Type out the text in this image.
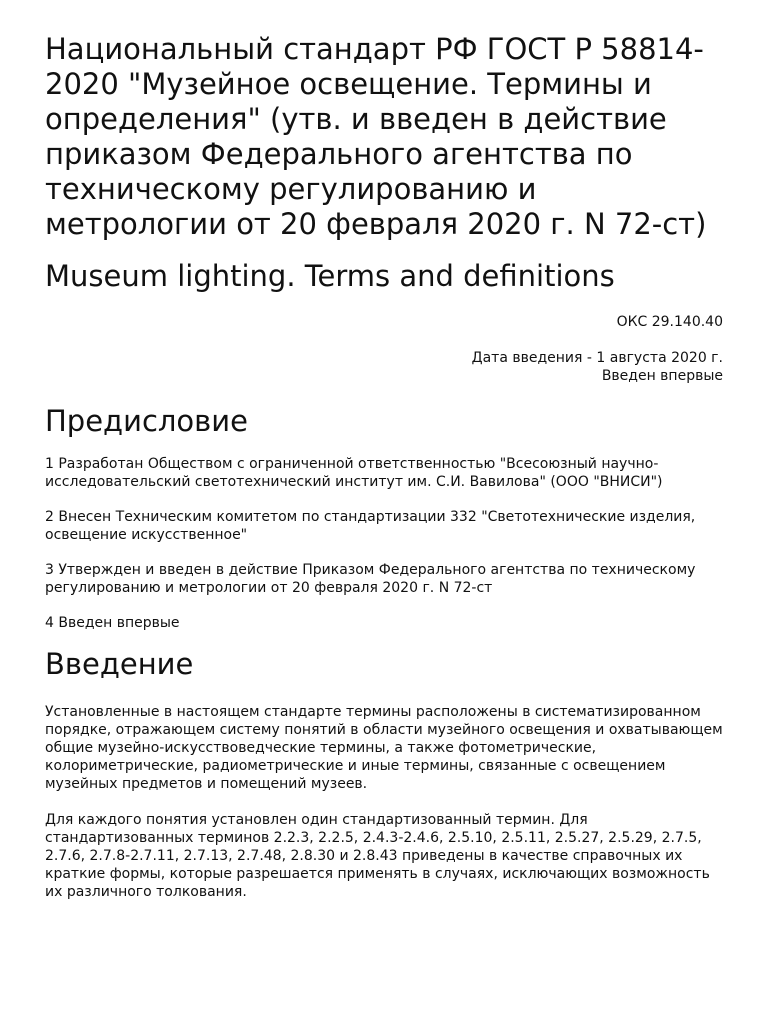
Национальный стандарт РФ ГОСТ Р 58814-2020 "Музейное освещение. Термины и определения" (утв. и введен в действие приказом Федерального агентства по техническому регулированию и метрологии от 20 февраля 2020 г. N 72-ст)
Museum lighting. Terms and definitions
ОКС 29.140.40
Дата введения - 1 августа 2020 г.
Введен впервые
Предисловие

1 Разработан Обществом с ограниченной ответственностью "Всесоюзный научно-исследовательский светотехнический институт им. С.И. Вавилова" (ООО "ВНИСИ")

2 Внесен Техническим комитетом по стандартизации 332 "Светотехнические изделия, освещение искусственное"

3 Утвержден и введен в действие Приказом Федерального агентства по техническому регулированию и метрологии от 20 февраля 2020 г. N 72-ст

4 Введен впервые

Введение

Установленные в настоящем стандарте термины расположены в систематизированном порядке, отражающем систему понятий в области музейного освещения и охватывающем общие музейно-искусствоведческие термины, а также фотометрические, колориметрические, радиометрические и иные термины, связанные с освещением музейных предметов и помещений музеев.

Для каждого понятия установлен один стандартизованный термин. Для стандартизованных терминов 2.2.3, 2.2.5, 2.4.3-2.4.6, 2.5.10, 2.5.11, 2.5.27, 2.5.29, 2.7.5, 2.7.6, 2.7.8-2.7.11, 2.7.13, 2.7.48, 2.8.30 и 2.8.43 приведены в качестве справочных их краткие формы, которые разрешается применять в случаях, исключающих возможность их различного толкования.
